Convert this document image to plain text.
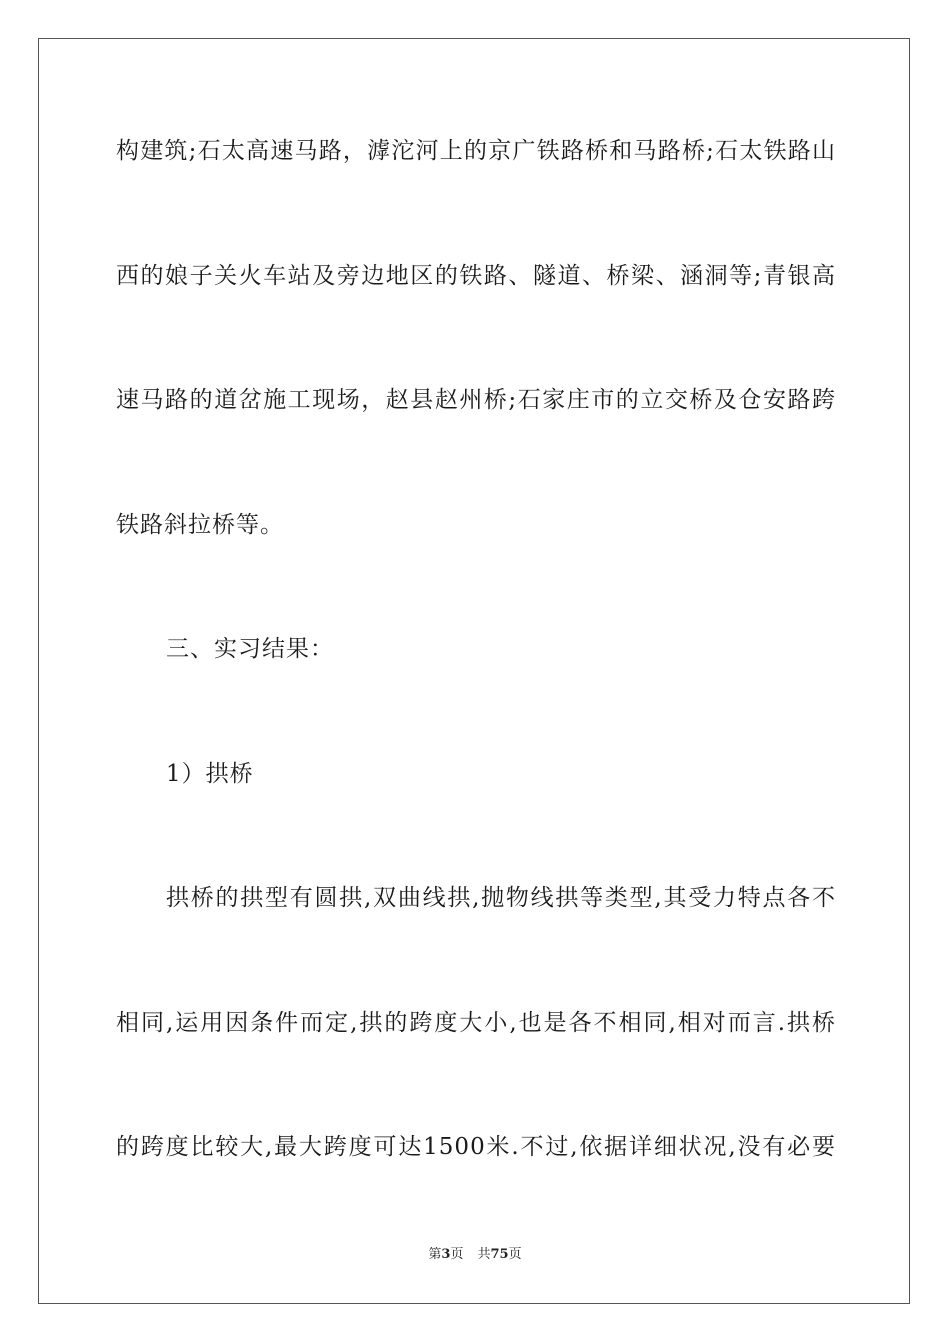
构建筑;石太高速马路，滹沱河上的京广铁路桥和马路桥;石太铁路山
西的娘子关火车站及旁边地区的铁路、隧道、桥梁、涵洞等;青银高
速马路的道岔施工现场，赵县赵州桥;石家庄市的立交桥及仓安路跨
铁路斜拉桥等。
三、实习结果：
1）拱桥
拱桥的拱型有圆拱,双曲线拱,抛物线拱等类型,其受力特点各不
相同,运用因条件而定,拱的跨度大小,也是各不相同,相对而言.拱桥
的跨度比较大,最大跨度可达1500米.不过,依据详细状况,没有必要
第3页 共75页
